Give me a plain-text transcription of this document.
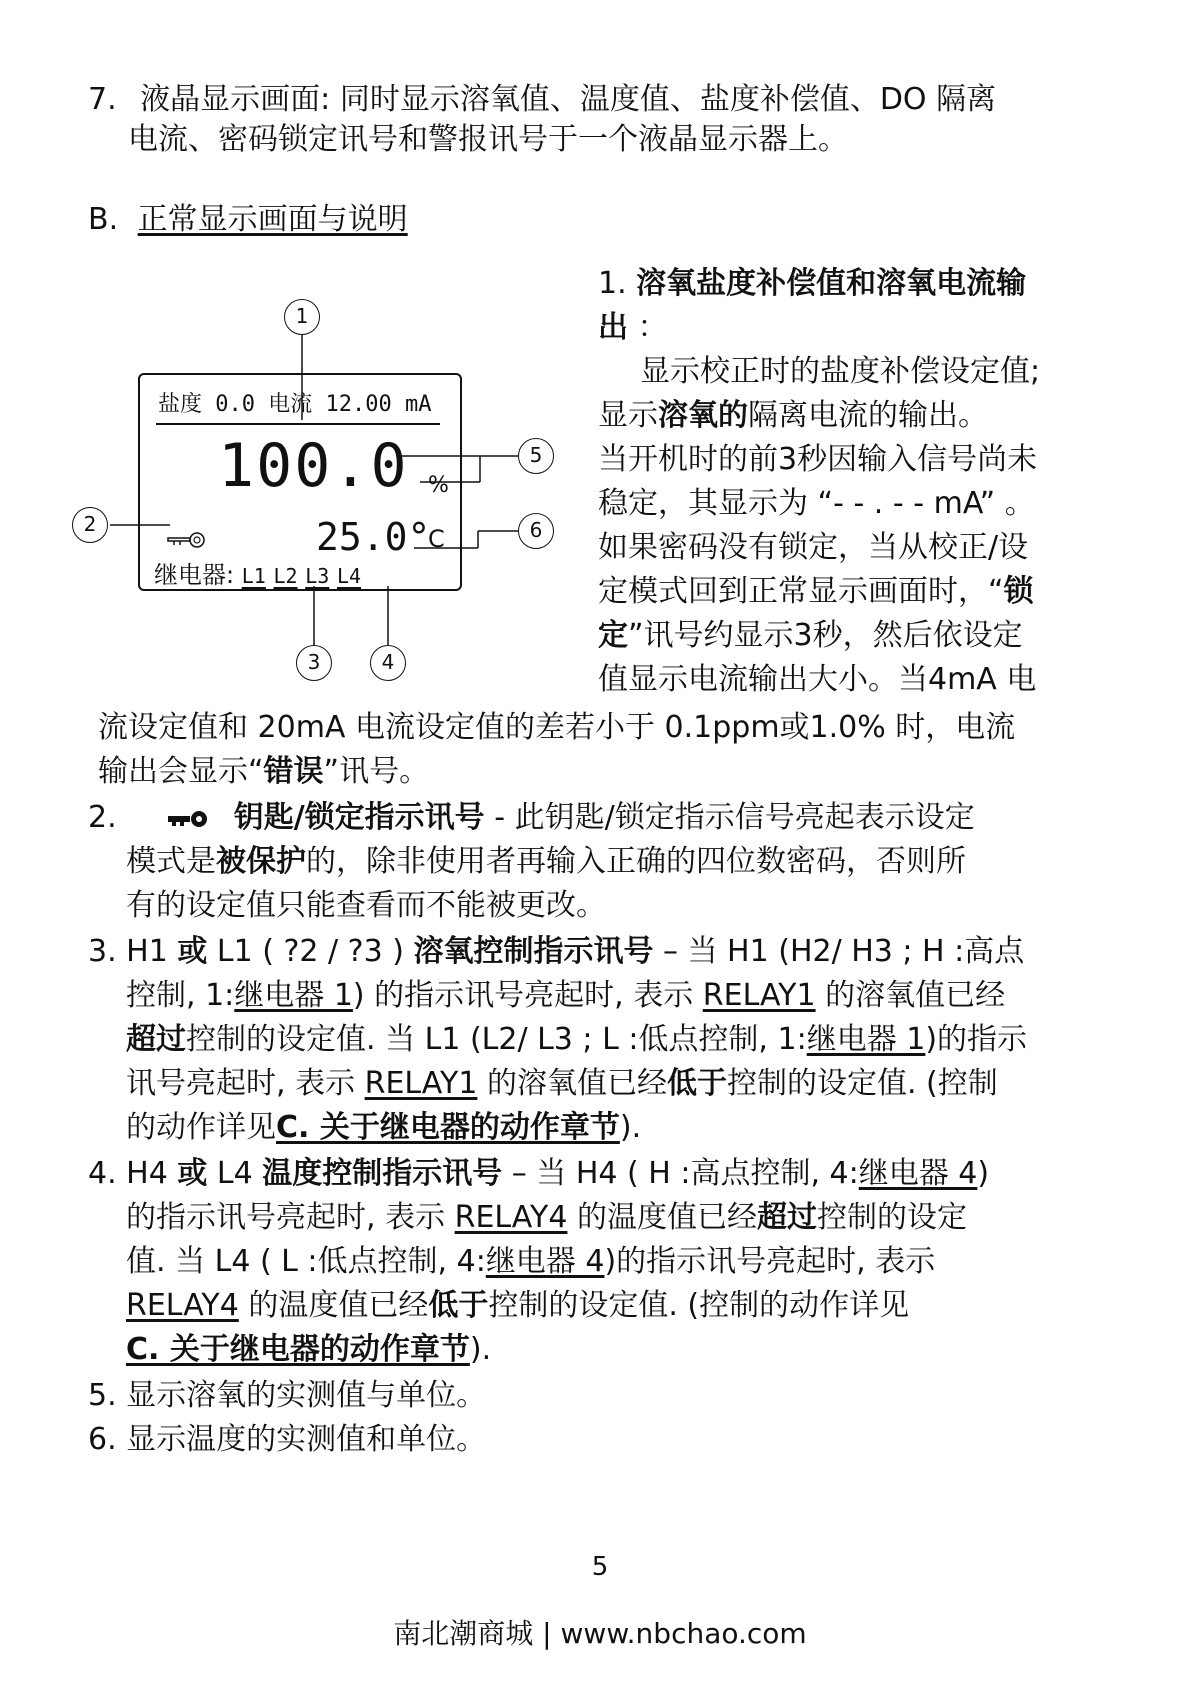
7. 液晶显示画面: 同时显示溶氧值、温度值、盐度补偿值、DO 隔离
电流、密码锁定讯号和警报讯号于一个液晶显示器上。
B. 正常显示画面与说明
盐度 0.0 电流 12.00 mA
100.0 %
25.0°
C
继电器: L1 L2 L3 L4
1
2
3	4
5
6
1. 溶氧盐度补偿值和溶氧电流输
出 ：
显示校正时的盐度补偿设定值;
显示溶氧的隔离电流的输出。
当开机时的前3秒因输入信号尚未
稳定，其显示为 “- - . - - mA” 。
如果密码没有锁定，当从校正/设
定模式回到正常显示画面时，“锁
定”讯号约显示3秒，然后依设定
值显示电流输出大小。当4mA 电
流设定值和 20mA 电流设定值的差若小于 0.1ppm或1.0% 时，电流
输出会显示“错误”讯号。
2.	钥匙/锁定指示讯号 - 此钥匙/锁定指示信号亮起表示设定
模式是被保护的，除非使用者再输入正确的四位数密码，否则所
有的设定值只能查看而不能被更改。
3. H1 或 L1 ( ?2 / ?3 ) 溶氧控制指示讯号 – 当 H1 (H2/ H3 ; H :高点
控制, 1:继电器 1) 的指示讯号亮起时, 表示 RELAY1 的溶氧值已经
超过控制的设定值. 当 L1 (L2/ L3 ; L :低点控制, 1:继电器 1)的指示
讯号亮起时, 表示 RELAY1 的溶氧值已经低于控制的设定值. (控制
的动作详见C. 关于继电器的动作章节).
4. H4 或 L4 温度控制指示讯号 – 当 H4 ( H :高点控制, 4:继电器 4)
的指示讯号亮起时, 表示 RELAY4 的温度值已经超过控制的设定
值. 当 L4 ( L :低点控制, 4:继电器 4)的指示讯号亮起时, 表示
RELAY4 的温度值已经低于控制的设定值. (控制的动作详见
C. 关于继电器的动作章节).
5. 显示溶氧的实测值与单位。
6. 显示温度的实测值和单位。
5
南北潮商城 | www.nbchao.com
